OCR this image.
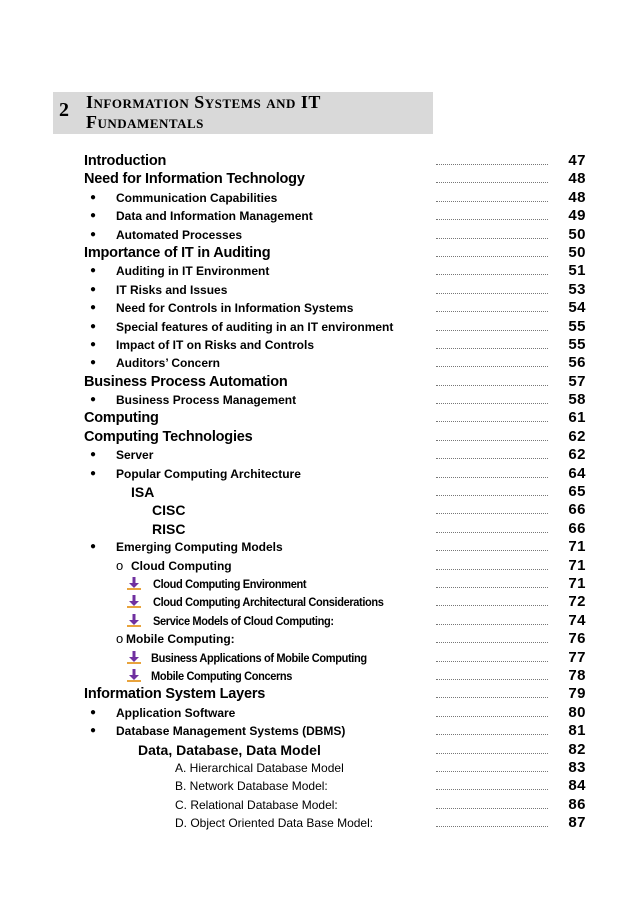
2 Information Systems and IT
Fundamentals
Introduction	47
Need for Information Technology	48
● Communication Capabilities	48
● Data and Information Management	49
● Automated Processes	50
Importance of IT in Auditing	50
● Auditing in IT Environment	51
● IT Risks and Issues	53
● Need for Controls in Information Systems	54
● Special features of auditing in an IT environment	55
● Impact of IT on Risks and Controls	55
● Auditors’ Concern	56
Business Process Automation	57
● Business Process Management	58
Computing	61
Computing Technologies	62
● Server	62
● Popular Computing Architecture	64
ISA	65
CISC	66
RISC	66
● Emerging Computing Models	71
o Cloud Computing	71
Cloud Computing Environment	71
Cloud Computing Architectural Considerations	72
Service Models of Cloud Computing:	74
o Mobile Computing:	76
Business Applications of Mobile Computing	77
Mobile Computing Concerns	78
Information System Layers	79
● Application Software	80
● Database Management Systems (DBMS)	81
Data, Database, Data Model	82
A. Hierarchical Database Model	83
B. Network Database Model:	84
C. Relational Database Model:	86
D. Object Oriented Data Base Model:	87
